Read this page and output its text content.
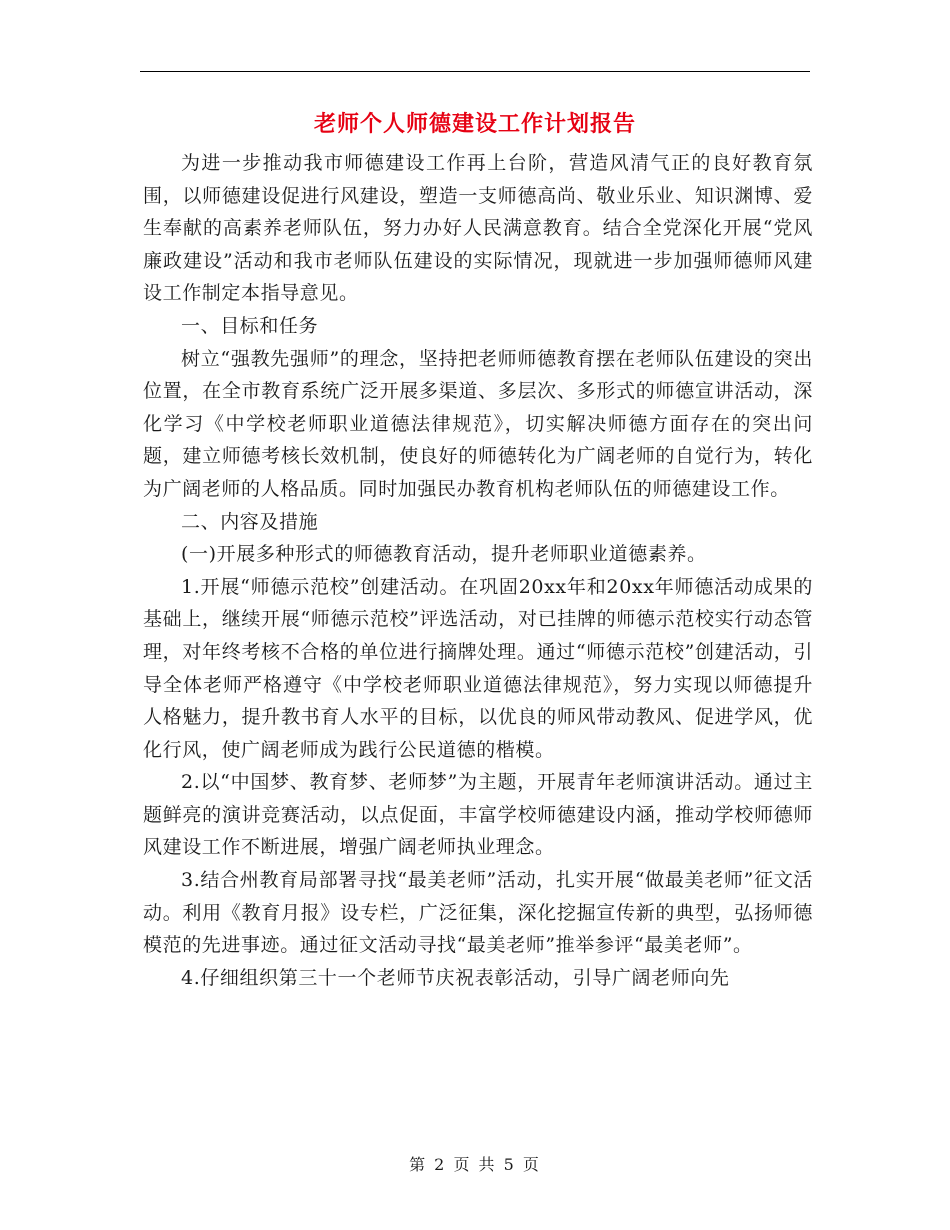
老师个人师德建设工作计划报告

为进一步推动我市师德建设工作再上台阶，营造风清气正的良好教育氛围，以师德建设促进行风建设，塑造一支师德高尚、敬业乐业、知识渊博、爱生奉献的高素养老师队伍，努力办好人民满意教育。结合全党深化开展“党风廉政建设”活动和我市老师队伍建设的实际情况，现就进一步加强师德师风建设工作制定本指导意见。

一、目标和任务

树立“强教先强师”的理念，坚持把老师师德教育摆在老师队伍建设的突出位置，在全市教育系统广泛开展多渠道、多层次、多形式的师德宣讲活动，深化学习《中学校老师职业道德法律规范》，切实解决师德方面存在的突出问题，建立师德考核长效机制，使良好的师德转化为广阔老师的自觉行为，转化为广阔老师的人格品质。同时加强民办教育机构老师队伍的师德建设工作。

二、内容及措施

(一)开展多种形式的师德教育活动，提升老师职业道德素养。

1.开展“师德示范校”创建活动。在巩固20xx年和20xx年师德活动成果的基础上，继续开展“师德示范校”评选活动，对已挂牌的师德示范校实行动态管理，对年终考核不合格的单位进行摘牌处理。通过“师德示范校”创建活动，引导全体老师严格遵守《中学校老师职业道德法律规范》，努力实现以师德提升人格魅力，提升教书育人水平的目标，以优良的师风带动教风、促进学风，优化行风，使广阔老师成为践行公民道德的楷模。

2.以“中国梦、教育梦、老师梦”为主题，开展青年老师演讲活动。通过主题鲜亮的演讲竞赛活动，以点促面，丰富学校师德建设内涵，推动学校师德师风建设工作不断进展，增强广阔老师执业理念。

3.结合州教育局部署寻找“最美老师”活动，扎实开展“做最美老师”征文活动。利用《教育月报》设专栏，广泛征集，深化挖掘宣传新的典型，弘扬师德模范的先进事迹。通过征文活动寻找“最美老师”推举参评“最美老师”。

4.仔细组织第三十一个老师节庆祝表彰活动，引导广阔老师向先

第 2 页 共 5 页
